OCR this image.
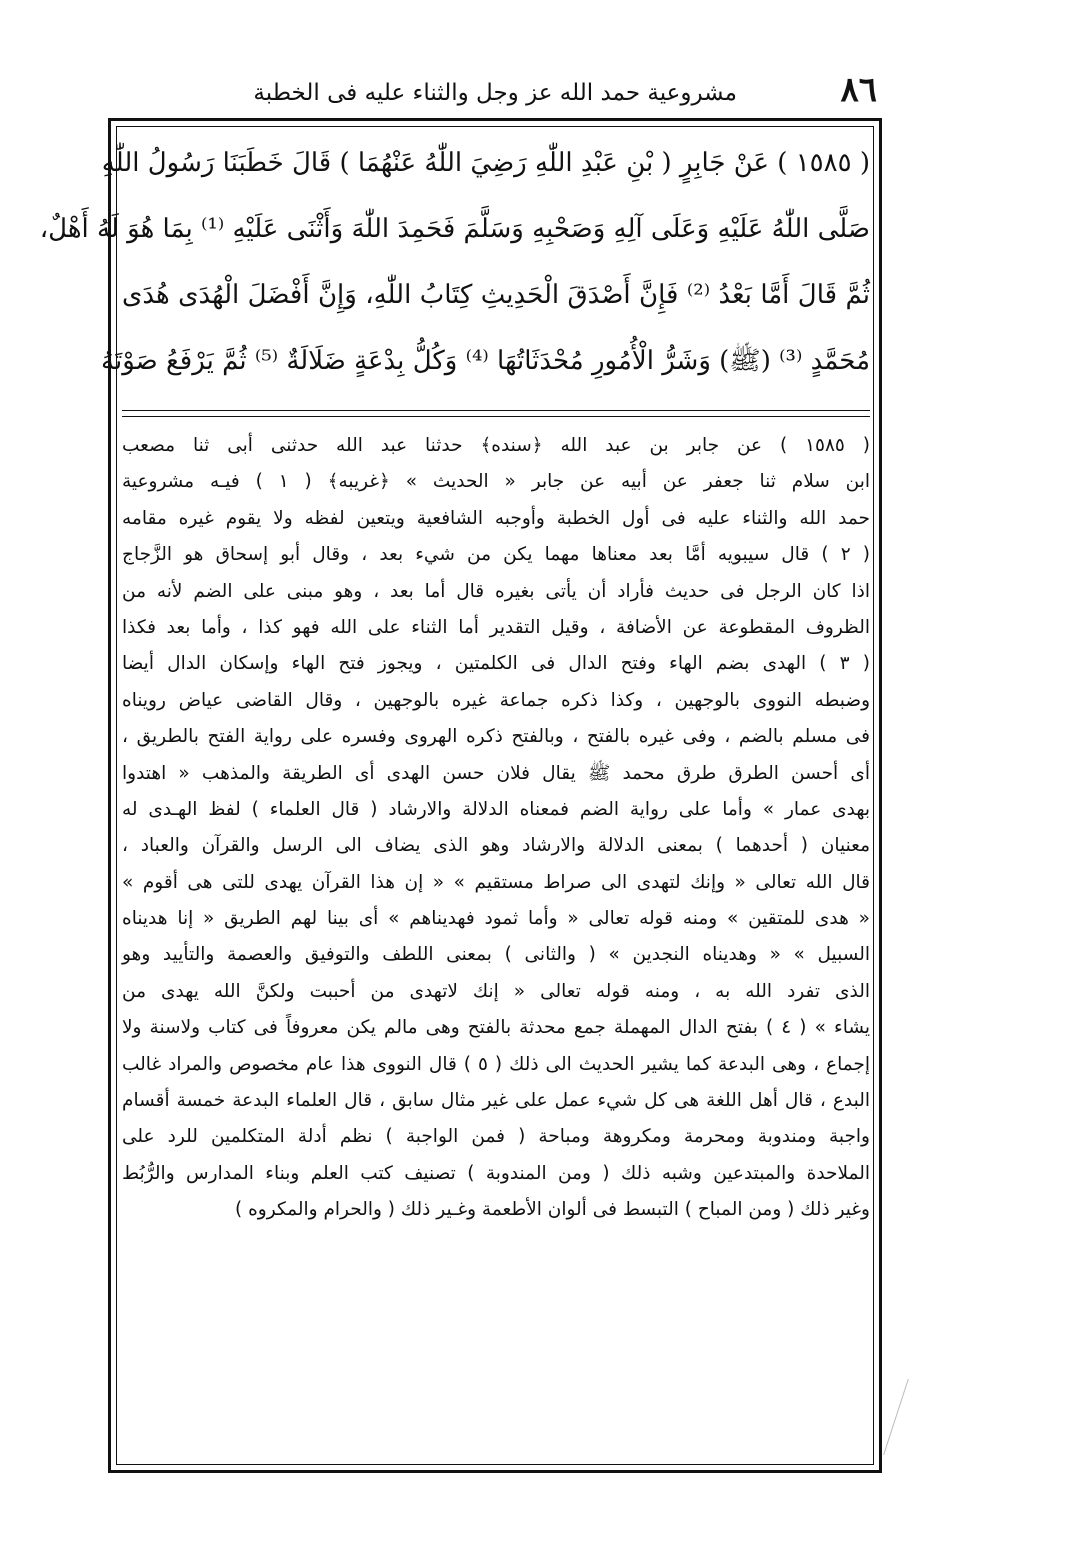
٨٦
مشروعية حمد الله عز وجل والثناء عليه فى الخطبة
( ١٥٨٥ ) عَنْ جَابِرٍ ( بْنِ عَبْدِ اللّٰهِ رَضِيَ اللّٰهُ عَنْهُمَا ) قَالَ خَطَبَنَا رَسُولُ اللّٰهِ
صَلَّى اللّٰهُ عَلَيْهِ وَعَلَى آلِهِ وَصَحْبِهِ وَسَلَّمَ فَحَمِدَ اللّٰهَ وَأَثْنَى عَلَيْهِ ⁽¹⁾ بِمَا هُوَ لَهُ أَهْلٌ،
ثُمَّ قَالَ أَمَّا بَعْدُ ⁽²⁾ فَإِنَّ أَصْدَقَ الْحَدِيثِ كِتَابُ اللّٰهِ، وَإِنَّ أَفْضَلَ الْهُدَى هُدَى
مُحَمَّدٍ ⁽³⁾ (ﷺ) وَشَرُّ الْأُمُورِ مُحْدَثَاتُهَا ⁽⁴⁾ وَكُلُّ بِدْعَةٍ ضَلَالَةٌ ⁽⁵⁾ ثُمَّ يَرْفَعُ صَوْتَهُ
( ١٥٨٥ ) عن جابر بن عبد الله ﴿سنده﴾ حدثنا عبد الله حدثنى أبى ثنا مصعب
ابن سلام ثنا جعفر عن أبيه عن جابر « الحديث » ﴿غريبه﴾ ( ١ ) فيـه مشروعية
حمد الله والثناء عليه فى أول الخطبة وأوجبه الشافعية ويتعين لفظه ولا يقوم غيره مقامه
( ٢ ) قال سيبويه أمَّا بعد معناها مهما يكن من شيء بعد ، وقال أبو إسحاق هو الزَّجاج
اذا كان الرجل فى حديث فأراد أن يأتى بغيره قال أما بعد ، وهو مبنى على الضم لأنه من
الظروف المقطوعة عن الأضافة ، وقيل التقدير أما الثناء على الله فهو كذا ، وأما بعد فكذا
( ٣ ) الهدى بضم الهاء وفتح الدال فى الكلمتين ، ويجوز فتح الهاء وإسكان الدال أيضا
وضبطه النووى بالوجهين ، وكذا ذكره جماعة غيره بالوجهين ، وقال القاضى عياض رويناه
فى مسلم بالضم ، وفى غيره بالفتح ، وبالفتح ذكره الهروى وفسره على رواية الفتح بالطريق ،
أى أحسن الطرق طرق محمد ﷺ يقال فلان حسن الهدى أى الطريقة والمذهب « اهتدوا
بهدى عمار » وأما على رواية الضم فمعناه الدلالة والارشاد ( قال العلماء ) لفظ الهـدى له
معنيان ( أحدهما ) بمعنى الدلالة والارشاد وهو الذى يضاف الى الرسل والقرآن والعباد ،
قال الله تعالى « وإنك لتهدى الى صراط مستقيم » « إن هذا القرآن يهدى للتى هى أقوم »
« هدى للمتقين » ومنه قوله تعالى « وأما ثمود فهديناهم » أى بينا لهم الطريق « إنا هديناه
السبيل » « وهديناه النجدين » ( والثانى ) بمعنى اللطف والتوفيق والعصمة والتأييد وهو
الذى تفرد الله به ، ومنه قوله تعالى « إنك لاتهدى من أحببت ولكنَّ الله يهدى من
يشاء » ( ٤ ) بفتح الدال المهملة جمع محدثة بالفتح وهى مالم يكن معروفاً فى كتاب ولاسنة ولا
إجماع ، وهى البدعة كما يشير الحديث الى ذلك ( ٥ ) قال النووى هذا عام مخصوص والمراد غالب
البدع ، قال أهل اللغة هى كل شيء عمل على غير مثال سابق ، قال العلماء البدعة خمسة أقسام
واجبة ومندوبة ومحرمة ومكروهة ومباحة ( فمن الواجبة ) نظم أدلة المتكلمين للرد على
الملاحدة والمبتدعين وشبه ذلك ( ومن المندوبة ) تصنيف كتب العلم وبناء المدارس والرُّبُط
وغير ذلك ( ومن المباح ) التبسط فى ألوان الأطعمة وغـير ذلك ( والحرام والمكروه )
